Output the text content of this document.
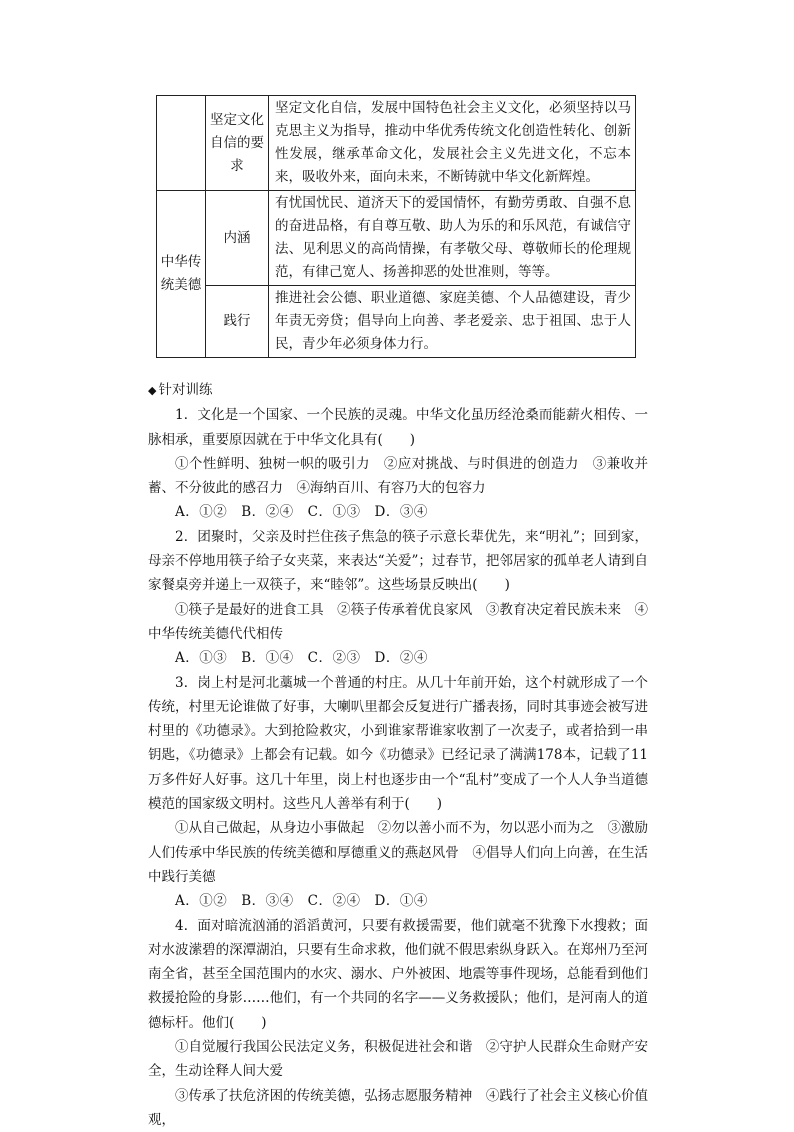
	坚定文化自信的要求	坚定文化自信，发展中国特色社会主义文化，必须坚持以马克思主义为指导，推动中华优秀传统文化创造性转化、创新性发展，继承革命文化，发展社会主义先进文化，不忘本来，吸收外来，面向未来，不断铸就中华文化新辉煌。
中华传统美德	内涵	有忧国忧民、道济天下的爱国情怀，有勤劳勇敢、自强不息的奋进品格，有自尊互敬、助人为乐的和乐风范，有诚信守法、见利思义的高尚情操，有孝敬父母、尊敬师长的伦理规范，有律己宽人、扬善抑恶的处世准则，等等。
	践行	推进社会公德、职业道德、家庭美德、个人品德建设，青少年责无旁贷；倡导向上向善、孝老爱亲、忠于祖国、忠于人民，青少年必须身体力行。

◆ 针对训练

1．文化是一个国家、一个民族的灵魂。中华文化虽历经沧桑而能薪火相传、一脉相承，重要原因就在于中华文化具有(　　)

①个性鲜明、独树一帜的吸引力　②应对挑战、与时俱进的创造力　③兼收并蓄、不分彼此的感召力　④海纳百川、有容乃大的包容力

A．①②　B．②④　C．①③　D．③④

2．团聚时，父亲及时拦住孩子焦急的筷子示意长辈优先，来“明礼”；回到家，母亲不停地用筷子给子女夹菜，来表达“关爱”；过春节，把邻居家的孤单老人请到自家餐桌旁并递上一双筷子，来“睦邻”。这些场景反映出(　　)

①筷子是最好的进食工具　②筷子传承着优良家风　③教育决定着民族未来　④中华传统美德代代相传

A．①③　B．①④　C．②③　D．②④

3．岗上村是河北藁城一个普通的村庄。从几十年前开始，这个村就形成了一个传统，村里无论谁做了好事，大喇叭里都会反复进行广播表扬，同时其事迹会被写进村里的《功德录》。大到抢险救灾，小到谁家帮谁家收割了一次麦子，或者拾到一串钥匙，《功德录》上都会有记载。如今《功德录》已经记录了满满178本，记载了11万多件好人好事。这几十年里，岗上村也逐步由一个“乱村”变成了一个人人争当道德模范的国家级文明村。这些凡人善举有利于(　　)

①从自己做起，从身边小事做起　②勿以善小而不为，勿以恶小而为之　③激励人们传承中华民族的传统美德和厚德重义的燕赵风骨　④倡导人们向上向善，在生活中践行美德

A．①②　B．③④　C．②④　D．①④

4．面对暗流汹涌的滔滔黄河，只要有救援需要，他们就毫不犹豫下水搜救；面对水波潆碧的深潭湖泊，只要有生命求救，他们就不假思索纵身跃入。在郑州乃至河南全省，甚至全国范围内的水灾、溺水、户外被困、地震等事件现场，总能看到他们救援抢险的身影……他们，有一个共同的名字——义务救援队；他们，是河南人的道德标杆。他们(　　)

①自觉履行我国公民法定义务，积极促进社会和谐　②守护人民群众生命财产安全，生动诠释人间大爱

③传承了扶危济困的传统美德，弘扬志愿服务精神　④践行了社会主义核心价值观，
